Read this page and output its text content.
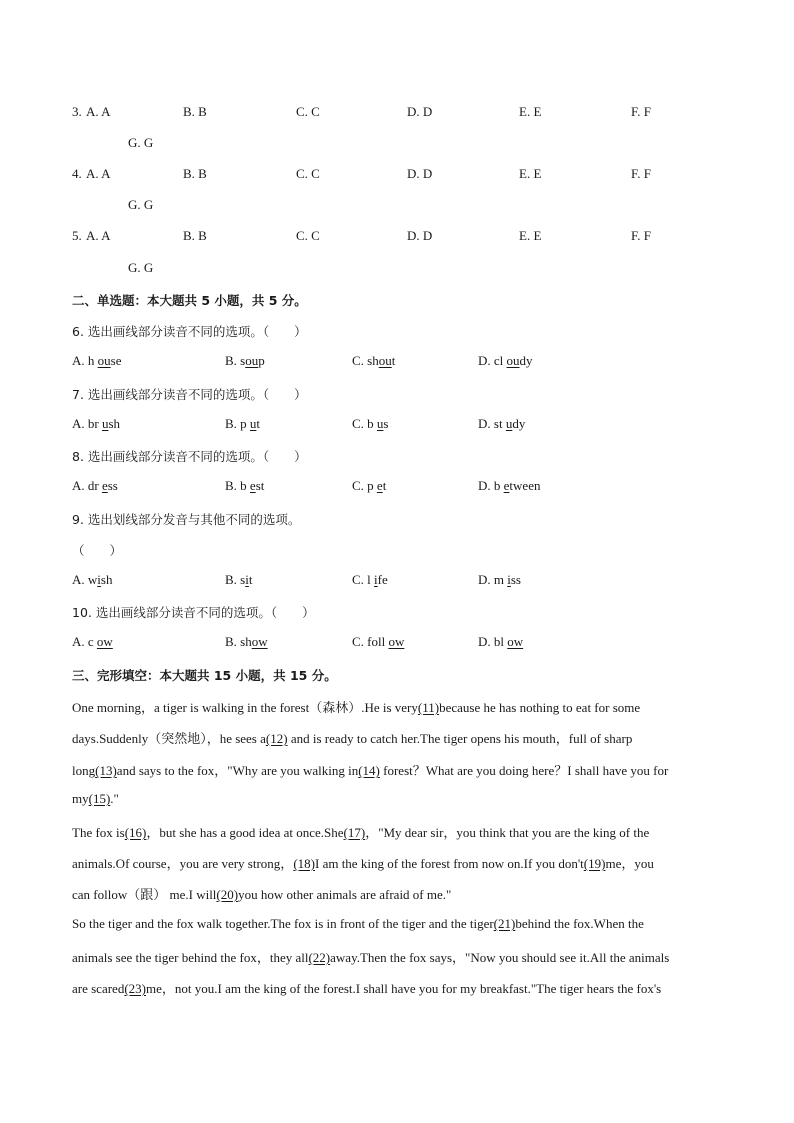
3. A. A	B. B	C. C	D. D	E. E	F. F
G. G
4. A. A	B. B	C. C	D. D	E. E	F. F
G. G
5. A. A	B. B	C. C	D. D	E. E	F. F
G. G
二、单选题：本大题共 5 小题，共 5 分。
6. 选出画线部分读音不同的选项。（　　）
A. h ouse	B. soup	C. shout	D. cl oudy
7. 选出画线部分读音不同的选项。（　　）
A. br ush	B. p ut	C. b us	D. st udy
8. 选出画线部分读音不同的选项。（　　）
A. dr ess	B. b est	C. p et	D. b etween
9. 选出划线部分发音与其他不同的选项。
（　　）
A. wish	B. sit	C. l ife	D. m iss
10. 选出画线部分读音不同的选项。（　　）
A. c ow	B. show	C. foll ow	D. bl ow
三、完形填空：本大题共 15 小题，共 15 分。
One morning，a tiger is walking in the forest（森林）.He is very(11)because he has nothing to eat for some
days.Suddenly（突然地），he sees a(12) and is ready to catch her.The tiger opens his mouth，full of sharp
long(13)and says to the fox，"Why are you walking in(14) forest？What are you doing here？I shall have you for
my(15)."
The fox is(16)，but she has a good idea at once.She(17)，"My dear sir，you think that you are the king of the
animals.Of course，you are very strong，(18)I am the king of the forest from now on.If you don't(19)me，you
can follow（跟） me.I will(20)you how other animals are afraid of me."
So the tiger and the fox walk together.The fox is in front of the tiger and the tiger(21)behind the fox.When the
animals see the tiger behind the fox，they all(22)away.Then the fox says，"Now you should see it.All the animals
are scared(23)me，not you.I am the king of the forest.I shall have you for my breakfast."The tiger hears the fox's
